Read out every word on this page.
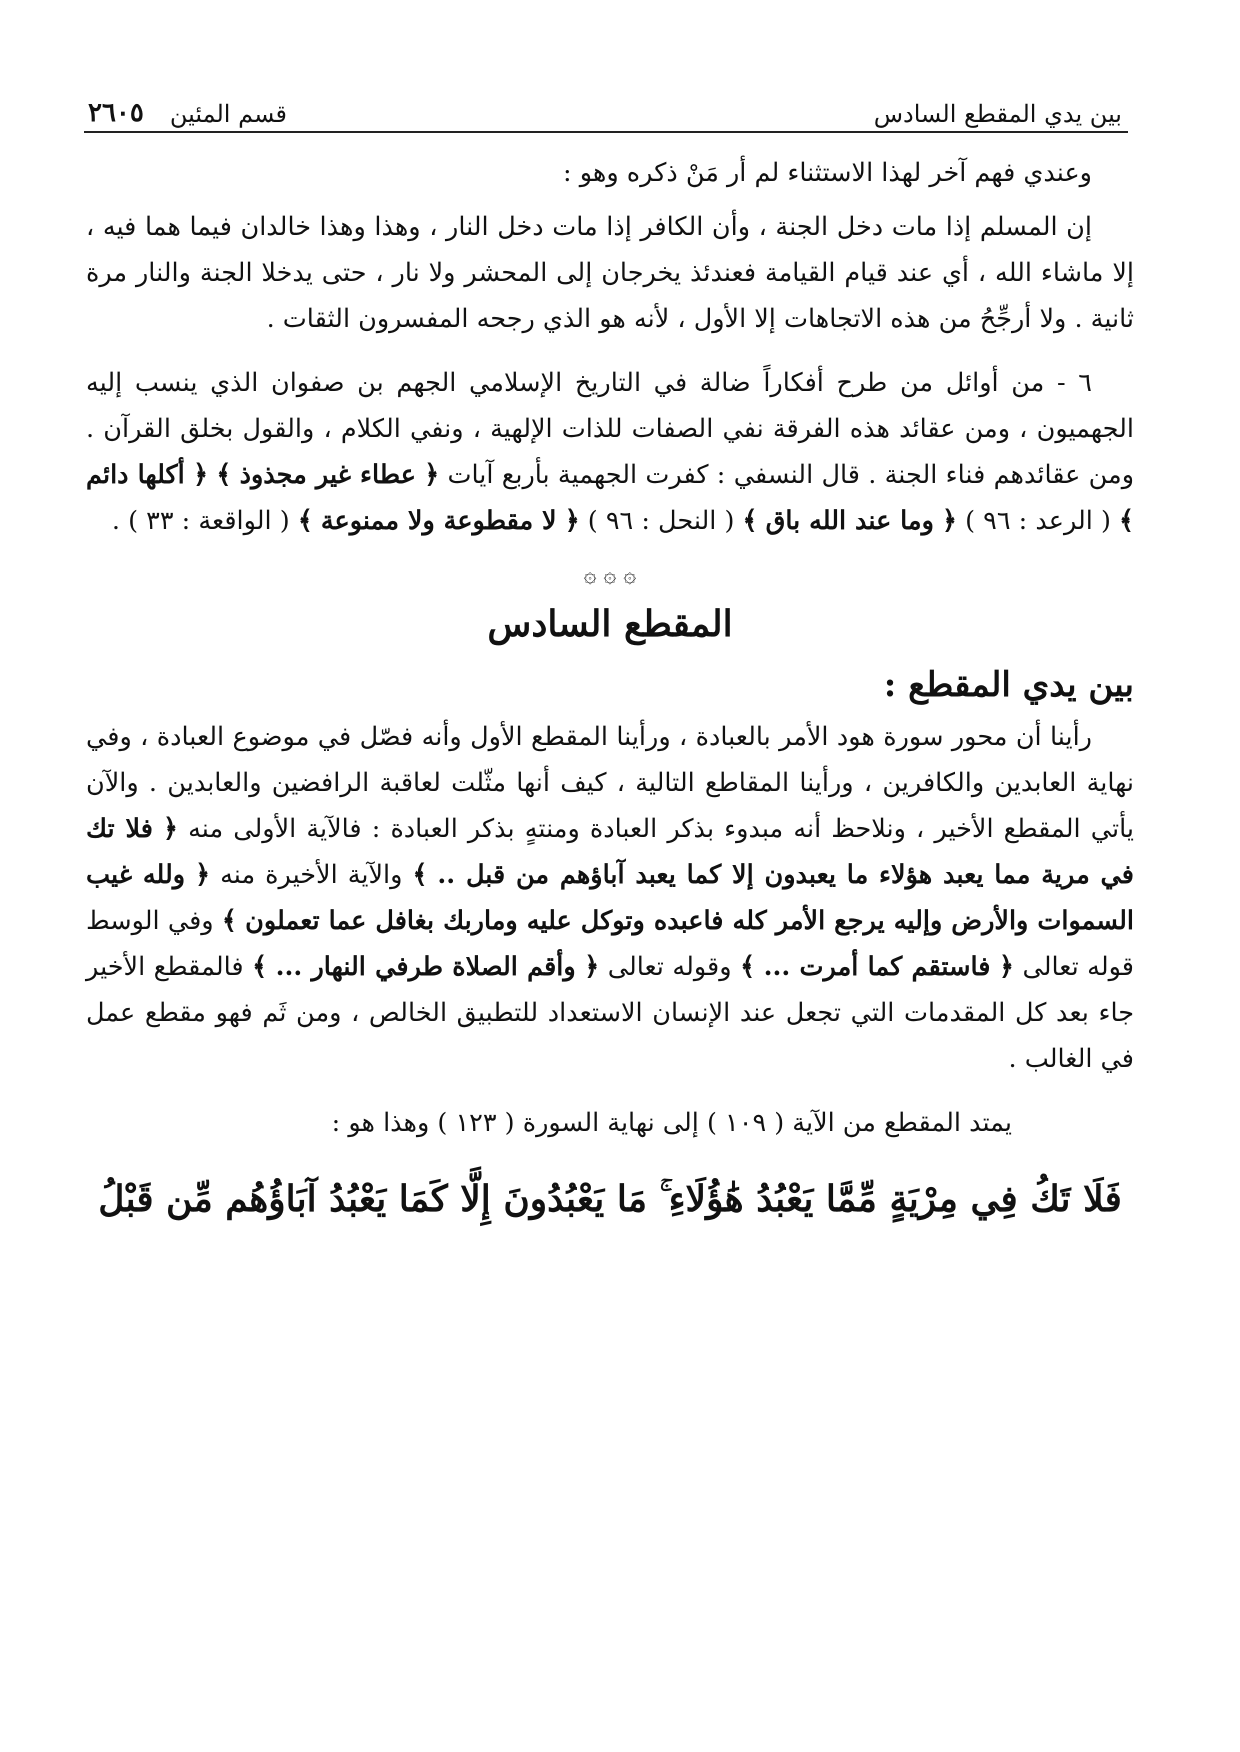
بين يدي المقطع السادس
قسم المئين
٢٦٠٥

وعندي فهم آخر لهذا الاستثناء لم أر مَنْ ذكره وهو :

إن المسلم إذا مات دخل الجنة ، وأن الكافر إذا مات دخل النار ، وهذا وهذا خالدان فيما هما فيه ، إلا ماشاء الله ، أي عند قيام القيامة فعندئذ يخرجان إلى المحشر ولا نار ، حتى يدخلا الجنة والنار مرة ثانية . ولا أرجِّحُ من هذه الاتجاهات إلا الأول ، لأنه هو الذي رجحه المفسرون الثقات .

٦ - من أوائل من طرح أفكاراً ضالة في التاريخ الإسلامي الجهم بن صفوان الذي ينسب إليه الجهميون ، ومن عقائد هذه الفرقة نفي الصفات للذات الإلهية ، ونفي الكلام ، والقول بخلق القرآن . ومن عقائدهم فناء الجنة . قال النسفي : كفرت الجهمية بأربع آيات ﴿ عطاء غير مجذوذ ﴾ ﴿ أكلها دائم ﴾ ( الرعد : ٩٦ ) ﴿ وما عند الله باق ﴾ ( النحل : ٩٦ ) ﴿ لا مقطوعة ولا ممنوعة ﴾ ( الواقعة : ٣٣ ) .

۞ ۞ ۞

المقطع السادس

بين يدي المقطع :

رأينا أن محور سورة هود الأمر بالعبادة ، ورأينا المقطع الأول وأنه فصّل في موضوع العبادة ، وفي نهاية العابدين والكافرين ، ورأينا المقاطع التالية ، كيف أنها مثّلت لعاقبة الرافضين والعابدين . والآن يأتي المقطع الأخير ، ونلاحظ أنه مبدوء بذكر العبادة ومنتهٍ بذكر العبادة : فالآية الأولى منه ﴿ فلا تك في مرية مما يعبد هؤلاء ما يعبدون إلا كما يعبد آباؤهم من قبل .. ﴾ والآية الأخيرة منه ﴿ ولله غيب السموات والأرض وإليه يرجع الأمر كله فاعبده وتوكل عليه وماربك بغافل عما تعملون ﴾ وفي الوسط قوله تعالى ﴿ فاستقم كما أمرت ... ﴾ وقوله تعالى ﴿ وأقم الصلاة طرفي النهار ... ﴾ فالمقطع الأخير جاء بعد كل المقدمات التي تجعل عند الإنسان الاستعداد للتطبيق الخالص ، ومن ثَم فهو مقطع عمل في الغالب .

يمتد المقطع من الآية ( ١٠٩ ) إلى نهاية السورة ( ١٢٣ ) وهذا هو :

فَلَا تَكُ فِي مِرْيَةٍ مِّمَّا يَعْبُدُ هَٰؤُلَاءِ ۚ مَا يَعْبُدُونَ إِلَّا كَمَا يَعْبُدُ آبَاؤُهُم مِّن قَبْلُ
